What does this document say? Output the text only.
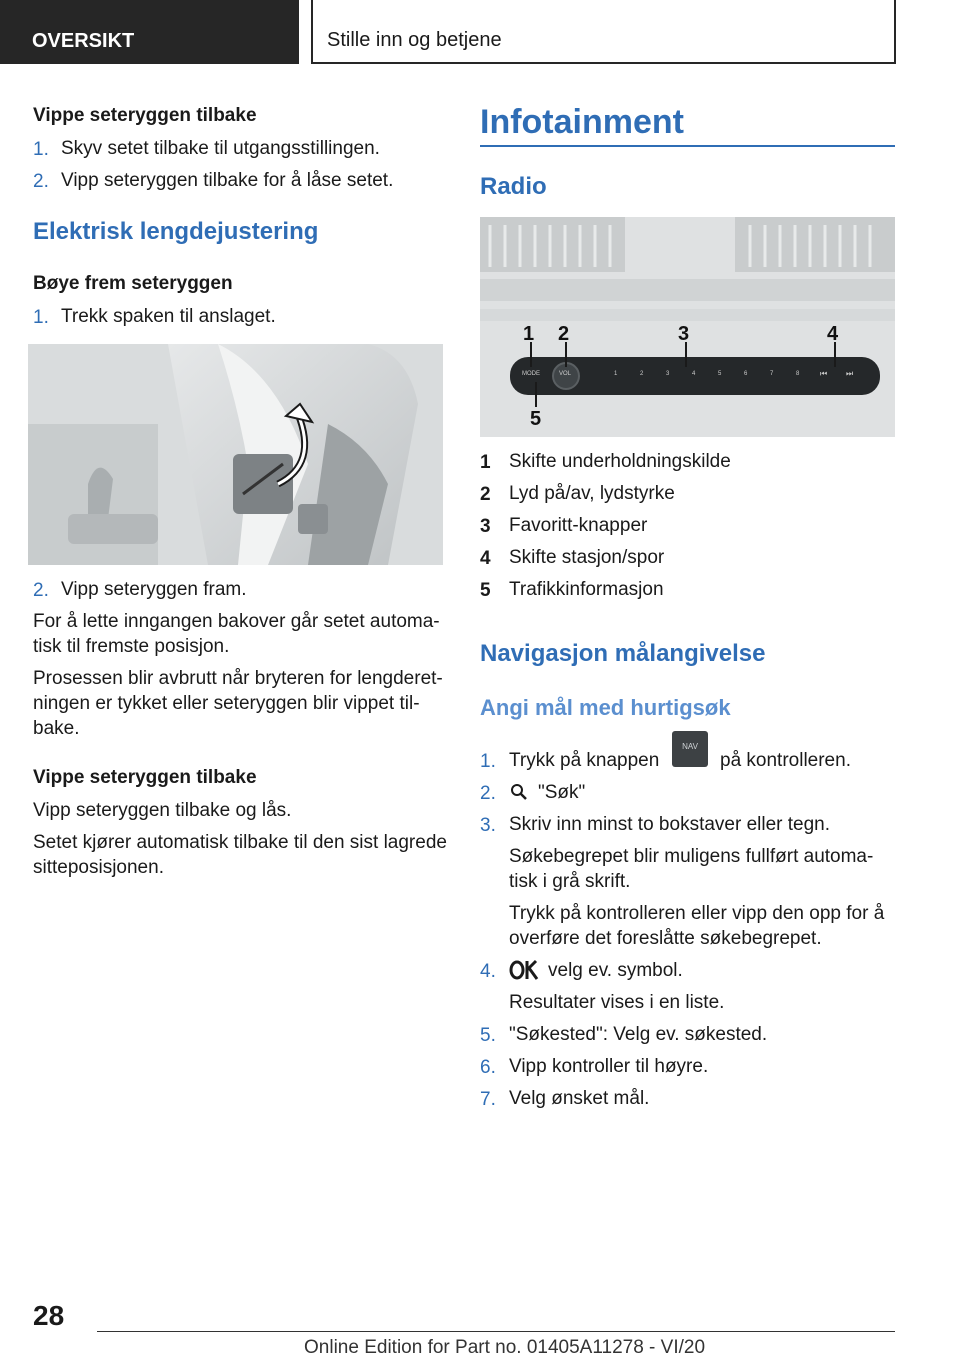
OVERSIKT	Stille inn og betjene
Vippe seteryggen tilbake
1. Skyv setet tilbake til utgangsstillingen.
2. Vipp seteryggen tilbake for å låse setet.
Elektrisk lengdejustering
Bøye frem seteryggen
1. Trekk spaken til anslaget.
2. Vipp seteryggen fram.
For å lette inngangen bakover går setet automa‐
tisk til fremste posisjon.
Prosessen blir avbrutt når bryteren for lengderet‐
ningen er tykket eller seteryggen blir vippet til‐
bake.
Vippe seteryggen tilbake
Vipp seteryggen tilbake og lås.
Setet kjører automatisk tilbake til den sist lagrede
sitteposisjonen.
Infotainment
Radio
1 2	3	4
5
MODE	VOL	1	2	3	4	5	6	7	8	⏮ ⏭
1 Skifte underholdningskilde
2 Lyd på/av, lydstyrke
3 Favoritt-knapper
4 Skifte stasjon/spor
5 Trafikkinformasjon
Navigasjon målangivelse
Angi mål med hurtigsøk
1. Trykk på knappen
NAV
på kontrolleren.
2. "Søk"
3. Skriv inn minst to bokstaver eller tegn.
Søkebegrepet blir muligens fullført automa‐
tisk i grå skrift.
Trykk på kontrolleren eller vipp den opp for å
overføre det foreslåtte søkebegrepet.
4.	velg ev. symbol.
Resultater vises i en liste.
5. "Søkested": Velg ev. søkested.
6. Vipp kontroller til høyre.
7. Velg ønsket mål.
28
Online Edition for Part no. 01405A11278 - VI/20
